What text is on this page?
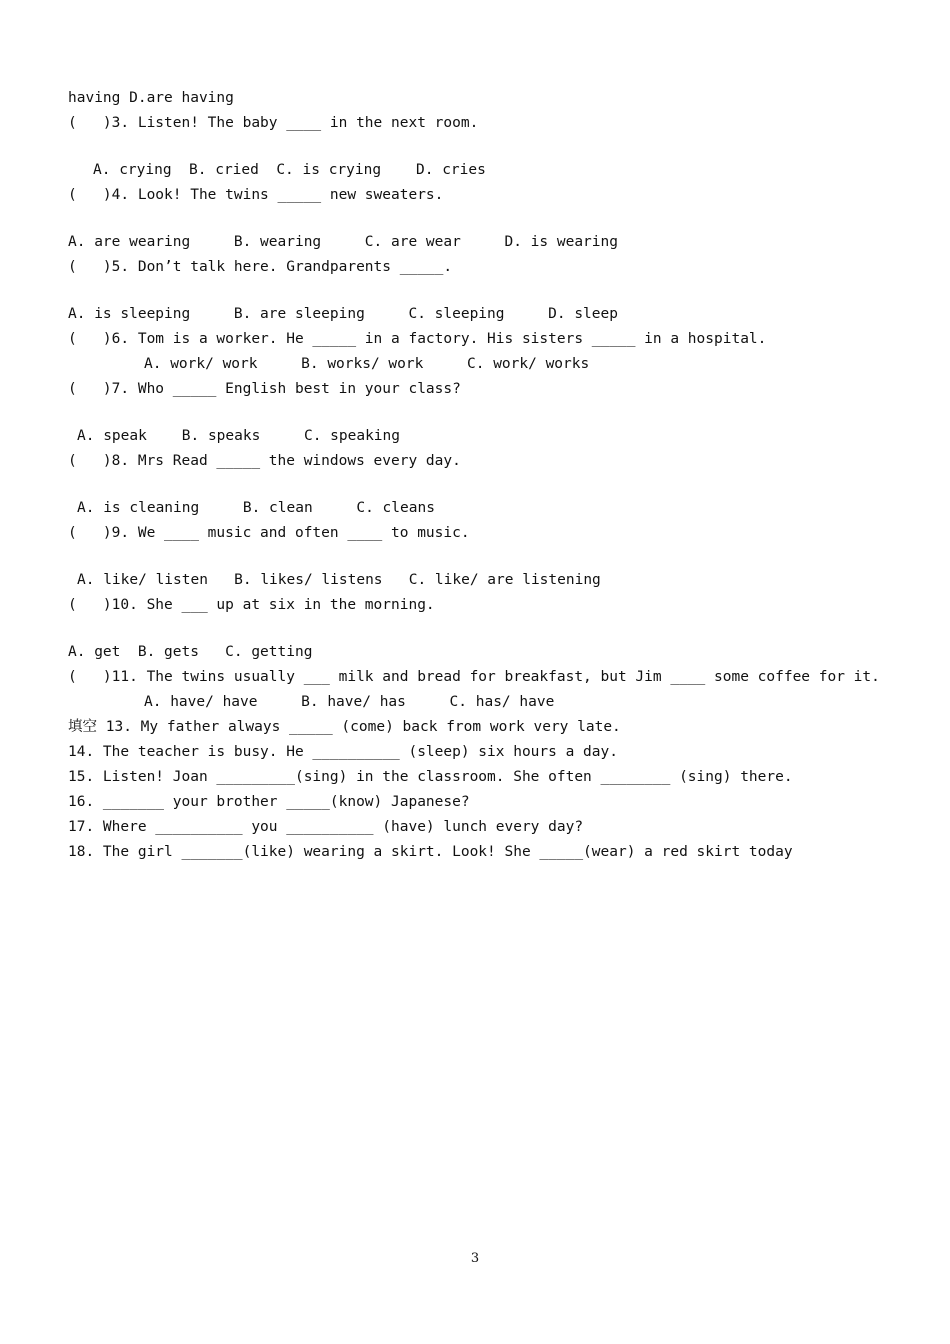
having D.are having
(   )3. Listen! The baby ____ in the next room.
A. crying  B. cried  C. is crying    D. cries
(   )4. Look! The twins _____ new sweaters.
A. are wearing     B. wearing     C. are wear     D. is wearing
(   )5. Don’t talk here. Grandparents _____.
A. is sleeping     B. are sleeping     C. sleeping     D. sleep
(   )6. Tom is a worker. He _____ in a factory. His sisters _____ in a hospital.
A. work/ work     B. works/ work     C. work/ works
(   )7. Who _____ English best in your class?
A. speak    B. speaks     C. speaking
(   )8. Mrs Read _____ the windows every day.
A. is cleaning     B. clean     C. cleans
(   )9. We ____ music and often ____ to music.
A. like/ listen   B. likes/ listens   C. like/ are listening
(   )10. She ___ up at six in the morning.
A. get  B. gets   C. getting
(   )11. The twins usually ___ milk and bread for breakfast, but Jim ____ some coffee for it.
A. have/ have     B. have/ has     C. has/ have
填空 13. My father always _____ (come) back from work very late.
14. The teacher is busy. He __________ (sleep) six hours a day.
15. Listen! Joan _________(sing) in the classroom. She often ________ (sing) there.
16. _______ your brother _____(know) Japanese?
17. Where __________ you __________ (have) lunch every day?
18. The girl _______(like) wearing a skirt. Look! She _____(wear) a red skirt today
3
